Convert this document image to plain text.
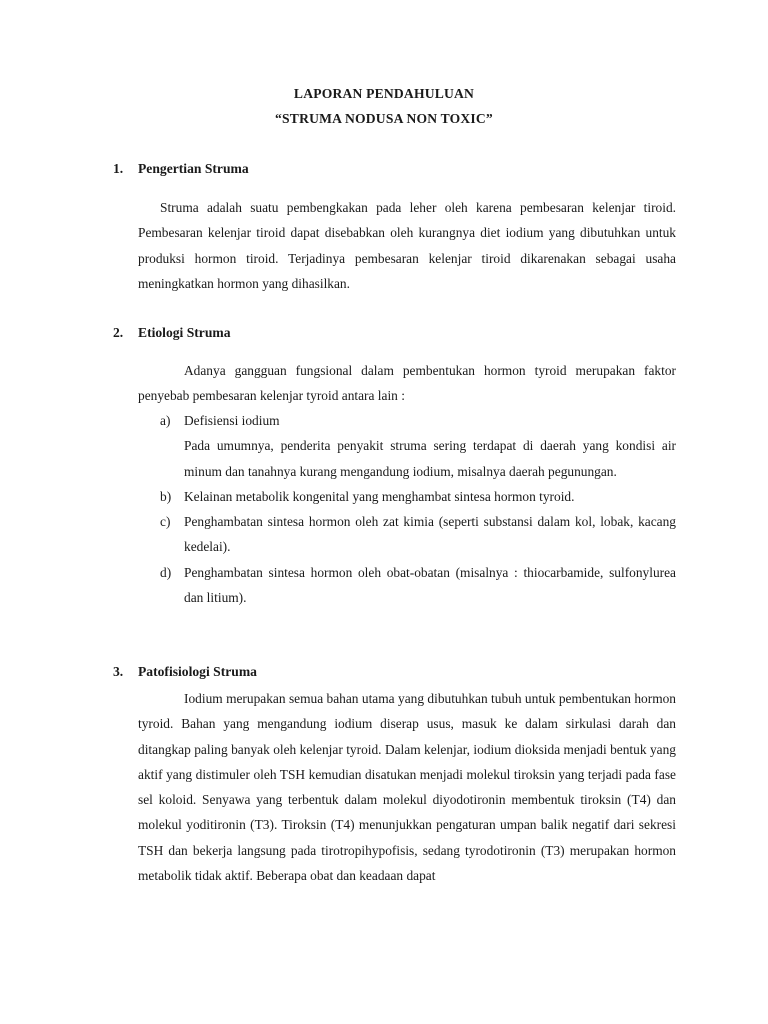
LAPORAN PENDAHULUAN
“STRUMA NODUSA NON TOXIC”
1. Pengertian Struma
Struma adalah suatu pembengkakan pada leher oleh karena pembesaran kelenjar tiroid. Pembesaran kelenjar tiroid dapat disebabkan oleh kurangnya diet iodium yang dibutuhkan untuk produksi hormon tiroid. Terjadinya pembesaran kelenjar tiroid dikarenakan sebagai usaha meningkatkan hormon yang dihasilkan.
2. Etiologi Struma
Adanya gangguan fungsional dalam pembentukan hormon tyroid merupakan faktor penyebab pembesaran kelenjar tyroid antara lain :
a) Defisiensi iodium
Pada umumnya, penderita penyakit struma sering terdapat di daerah yang kondisi air minum dan tanahnya kurang mengandung iodium, misalnya daerah pegunungan.
b) Kelainan metabolik kongenital yang menghambat sintesa hormon tyroid.
c) Penghambatan sintesa hormon oleh zat kimia (seperti substansi dalam kol, lobak, kacang kedelai).
d) Penghambatan sintesa hormon oleh obat-obatan (misalnya : thiocarbamide, sulfonylurea dan litium).
3. Patofisiologi Struma
Iodium merupakan semua bahan utama yang dibutuhkan tubuh untuk pembentukan hormon tyroid. Bahan yang mengandung iodium diserap usus, masuk ke dalam sirkulasi darah dan ditangkap paling banyak oleh kelenjar tyroid. Dalam kelenjar, iodium dioksida menjadi bentuk yang aktif yang distimuler oleh TSH kemudian disatukan menjadi molekul tiroksin yang terjadi pada fase sel koloid. Senyawa yang terbentuk dalam molekul diyodotironin membentuk tiroksin (T4) dan molekul yoditironin (T3). Tiroksin (T4) menunjukkan pengaturan umpan balik negatif dari sekresi TSH dan bekerja langsung pada tirotropihypofisis, sedang tyrodotironin (T3) merupakan hormon metabolik tidak aktif. Beberapa obat dan keadaan dapat
